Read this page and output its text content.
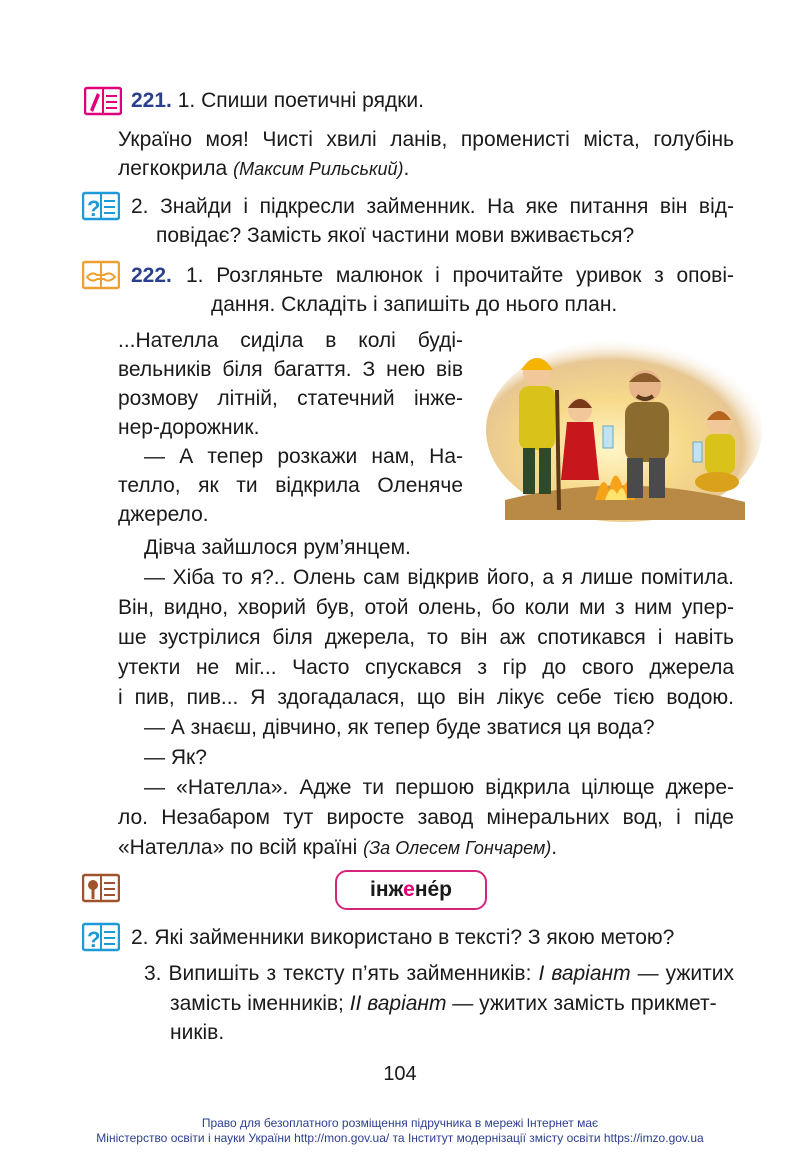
221. 1. Спиши поетичні рядки.
Україно моя! Чисті хвилі ланів, променисті міста, голубінь
легкокрила (Максим Рильський).
? 2. Знайди і підкресли займенник. На яке питання він від-
повідає? Замість якої частини мови вживається?
222. 1. Розгляньте малюнок і прочитайте уривок з опові-
дання. Складіть і запишіть до нього план.
...Нателла сиділа в колі буді-
вельників біля багаття. З нею вів
розмову літній, статечний інже-
нер-дорожник.
— А тепер розкажи нам, На-
телло, як ти відкрила Оленяче
джерело.
Дівча зайшлося рум’янцем.
— Хіба то я?.. Олень сам відкрив його, а я лише помітила.
Він, видно, хворий був, отой олень, бо коли ми з ним упер-
ше зустрілися біля джерела, то він аж спотикався і навіть
утекти не міг... Часто спускався з гір до свого джерела
і пив, пив... Я здогадалася, що він лікує себе тією водою.
— А знаєш, дівчино, як тепер буде зватися ця вода?
— Як?
— «Нателла». Адже ти першою відкрила цілюще джере-
ло. Незабаром тут виросте завод мінеральних вод, і піде
«Нателла» по всій країні (За Олесем Гончарем).
інжене́р
? 2. Які займенники використано в тексті? З якою метою?
3. Випишіть з тексту п’ять займенників: І варіант — ужитих
замість іменників; ІІ варіант — ужитих замість прикмет-
ників.
104
Право для безоплатного розміщення підручника в мережі Інтернет має
Міністерство освіти і науки України http://mon.gov.ua/ та Інститут модернізації змісту освіти https://imzo.gov.ua
